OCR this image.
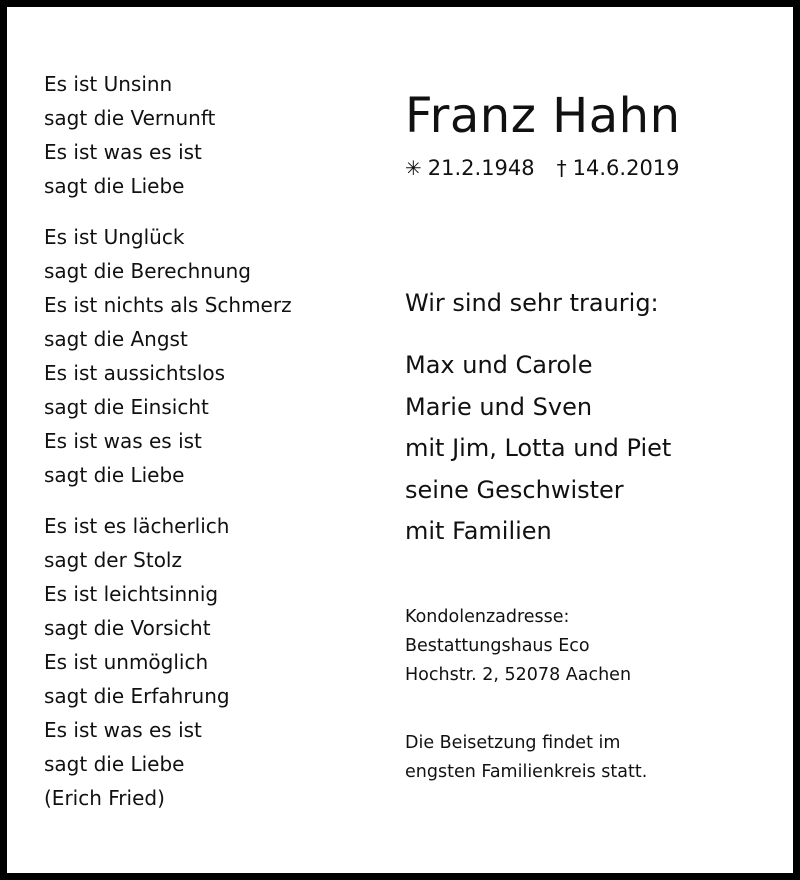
Es ist Unsinn
sagt die Vernunft
Es ist was es ist
sagt die Liebe
Es ist Unglück
sagt die Berechnung
Es ist nichts als Schmerz
sagt die Angst
Es ist aussichtslos
sagt die Einsicht
Es ist was es ist
sagt die Liebe
Es ist es lächerlich
sagt der Stolz
Es ist leichtsinnig
sagt die Vorsicht
Es ist unmöglich
sagt die Erfahrung
Es ist was es ist
sagt die Liebe
(Erich Fried)
Franz Hahn
✳ 21.2.1948 † 14.6.2019
Wir sind sehr traurig:
Max und Carole
Marie und Sven
mit Jim, Lotta und Piet
seine Geschwister
mit Familien
Kondolenzadresse:
Bestattungshaus Eco
Hochstr. 2, 52078 Aachen
Die Beisetzung findet im
engsten Familienkreis statt.
